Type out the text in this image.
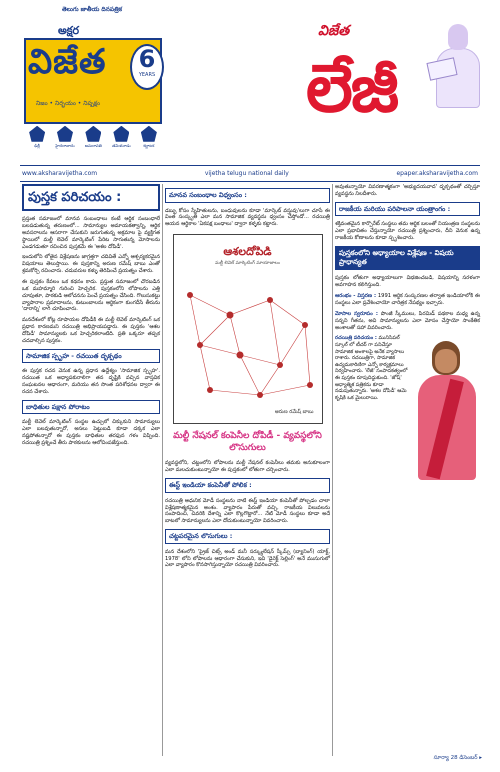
తెలుగు జాతీయ దినపత్రిక
అక్షర
విజేత 6
YEARS
నిజం • నిర్భయం • నిష్పక్షం
ఢిల్లీ	హైదరాబాదు	అమరావతి	తమిళనాడు	కర్ణాటక
విజేత
లేజీ
www.aksharavijetha.com	vijetha telugu national daily	epaper.aksharavijetha.com
పుస్తక పరిచయం :

ప్రస్తుత సమాజంలో మానవ సంబంధాలు కంటే ఆర్థిక సంబంధాలే బలపడుతున్న తరుణంలో... సామాన్యుల అమాయకత్వాన్ని, ఆర్థిక అవసరాలను ఆసరాగా చేసుకుని జరుగుతున్న అక్రమాల పై వ్యక్తిగత స్థాయిలో మల్టీ లెవెల్ మార్కెటింగ్ పేరిట సాగుతున్న మోసాలను ఎండగడుతూ రచించిన పుస్తకమే ఈ 'ఆశల దోపిడీ'.

ఇందులోని లోతైన విశ్లేషణను జాగ్రత్తగా చదివితే ఎన్నో ఆశ్చర్యకరమైన విషయాలు తెలుస్తాయి. ఈ పుస్తకాన్ని అరుణ రమేష్ బాబు ఎంతో శ్రమకోర్చి రచించారు. చదువరుల కళ్ళు తెరిపించే ప్రయత్నం చేశారు.

ఈ పుస్తకం కేవలం ఒక కథనం కాదు. ప్రస్తుత సమాజంలో చొరబడిన ఒక మహమ్మారి గురించి హెచ్చరిక. పుస్తకంలోని లోపాలను ఎత్తి చూపుతూ, పాఠకుడి ఆలోచనను పెంచే ప్రయత్నం చేసింది. గొలుసుకట్టు వ్యాపారాల ప్రమాదాలను, కుటుంబాలను ఆర్థికంగా కుంగదీసే తీరును 'దారాన్ని' లాగి చూపించారు.

మనదేశంలో కోట్ల రూపాయల దోపిడీకి ఈ మల్టీ లెవెల్ మార్కెటింగ్ ఒక ప్రధాన కారణమని రచయిత్రి అభిప్రాయపడ్డారు. ఈ పుస్తకం 'ఆశల దోపిడీ' సామాన్యులకు ఒక హెచ్చరికలాంటిది. ప్రతి ఒక్కరూ తప్పక చదవాల్సిన పుస్తకం.

సామాజిక స్పృహ - రచయిత దృక్పథం

ఈ పుస్తక రచన వెనుక ఉన్న ప్రధాన ఉద్దేశ్యం 'సామాజిక స్పృహ'. రచయిత ఒక అధ్యాపకురాలిగా తన దృష్టికి వచ్చిన వాస్తవిక సంఘటనల ఆధారంగా, మరియు తన సొంత పరిశోధనల ద్వారా ఈ రచన చేశారు.

బాధితుల పక్షాన పోరాటం

మల్టీ లెవెల్ మార్కెటింగ్ సంస్థల ఉచ్చులో చిక్కుకుని సామాన్యులు ఎలా బలవుతున్నారో, అసలు పెట్టుబడి కూడా దక్కక ఎలా నష్టపోతున్నారో ఈ పుస్తకం బాధితుల తరఫున గళం విప్పింది. రచయిత్రి ప్రశ్నించే తీరు పాఠకులను ఆలోచింపజేస్తుంది.

మానవ సంబంధాల విధ్వంసం :

డబ్బు కోసం స్నేహితులను, బంధువులను కూడా 'మార్కెట్ వస్తువు'లుగా చూసే ఈ వింత సంస్కృతి ఎలా మన సామాజిక వ్యవస్థను ధ్వంసం చేస్తోందో... రచయిత్రి ఆయన ఆర్థికాల 'ఏకపక్ష బంధాలు' ద్వారా కళ్ళకు కట్టారు.

ఆశలదోపిడి
మల్టీ లెవెల్ మార్కెటింగ్ మాయాజాలం
అరుణ రమేష్ బాబు
మల్టీ నేషనల్ కంపెనీల దోపిడీ - వ్యవస్థలోని లొసుగులు

వ్యవస్థలోని, చట్టంలోని లోపాలను మల్టీ నేషనల్ కంపెనీలు తమకు అనుకూలంగా ఎలా మలచుకుంటున్నాయో ఈ పుస్తకంలో లోతుగా చర్చించారు.

ఈస్ట్ ఇండియా కంపెనీతో పోలిక :

రచయిత్రి ఆధునిక మోడీ సంస్థలను నాటి ఈస్ట్ ఇండియా కంపెనీతో పోల్చడం చాలా విశ్లేషణాత్మకమైన అంశం. వ్యాపారం పేరుతో వచ్చి, రాజకీయ విలువలను సంపాదించి, చివరికి దేశాన్ని ఎలా కొల్లగొట్టారో... నేటి మోడీ సంస్థలు కూడా అదే బాటలో సామాన్యులను ఎలా దోచుకుంటున్నాయో వివరించారు.

చట్టపరమైన లొసుగులు :

మన దేశంలోని 'ప్రైజ్ చిట్స్ అండ్ మనీ సర్క్యులేషన్ స్కీమ్స్ (బ్యానింగ్) యాక్ట్, 1978' లోని లోపాలను ఆధారంగా చేసుకుని, ఇవి 'డైరెక్ట్ సెల్లింగ్' అనే ముసుగులో ఎలా వ్యాపారం కొనసాగిస్తున్నాయో రచయిత్రి వివరించారు.

అవుతున్నాయో వివరణాత్మకంగా 'అభ్యుదయవాద' దృక్పథంతో చర్చిస్తూ వ్యవస్థను నిలదీశారు.

రాజకీయ మరియు పరిపాలనా యంత్రాంగం :

శక్తివంతమైన కార్పొరేట్ సంస్థలు తమ ఆర్థిక బలంతో నియంత్రణ సంస్థలను ఎలా ప్రభావితం చేస్తున్నాయో రచయిత్రి ప్రశ్నించారు, దీని వెనుక ఉన్న రాజకీయ కోణాలను కూడా స్పృశించారు.

పుస్తకంలోని అధ్యాయాల విశ్లేషణ - విషయ ప్రాధాన్యత

పుస్తకం లోతుగా అధ్యాయాలుగా విభజించబడి, విషయాన్ని సరళంగా అవగాహన కలిగిస్తుంది.

ఆరంభం - విస్తరణ : 1991 ఆర్థిక సంస్కరణల తర్వాత ఇండియాలోకి ఈ సంస్థలు ఎలా ప్రవేశించాయో చారిత్రక నేపథ్యం ఇచ్చారు.

మోసాల స్వరూపం : పొంజీ స్కీములు, పిరమిడ్ పథకాల మధ్య ఉన్న సన్నని గీతను, అవి సామాన్యులను ఎలా మోసం చేస్తాయో సాంకేతిక అంశాలతో సహా వివరించారు.

రచయిత్రి పరిచయం : మునిసిపల్ స్కూల్ లో టీచర్ గా పనిచేస్తూ సామాజిక అంశాలపై అనేక వ్యాసాలు రాశారు. రచయిత్రిగా, సామాజిక ఉద్యమకారిణిగా ఎన్నో కార్యక్రమాలు నిర్వహించారు. 'లేజీ' సంపాదకత్వంలో ఈ పుస్తకం రూపుదిద్దుకుంది. 'జోష్' ఆధ్యాత్మిక పత్రికను కూడా నడుపుతున్నారు. 'ఆశల దోపిడీ' ఆమె కృషికి ఒక మైలురాయి.
సూర్యా 28 డిసెంబర్ ▸
